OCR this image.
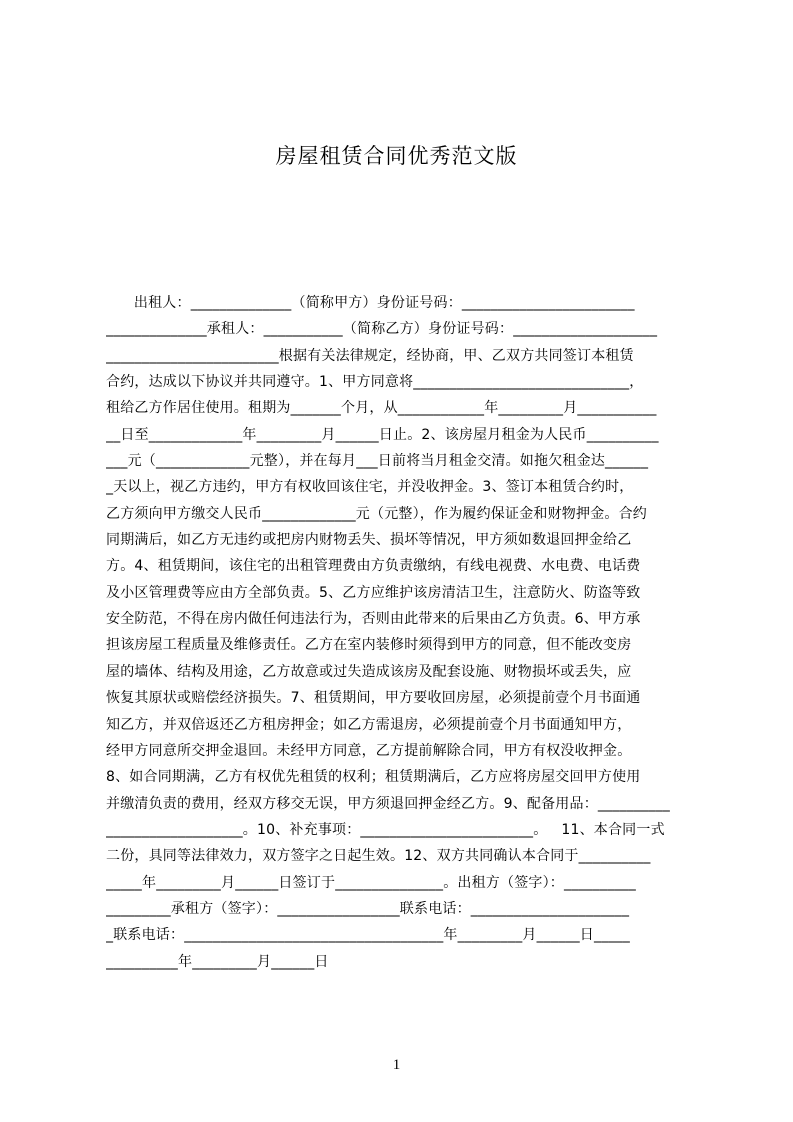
房屋租赁合同优秀范文版
出租人：______________（简称甲方）身份证号码：________________________
______________承租人：___________（简称乙方）身份证号码：____________________
________________________根据有关法律规定，经协商，甲、乙双方共同签订本租赁
合约，达成以下协议并共同遵守。1、甲方同意将______________________________，
租给乙方作居住使用。租期为_______个月，从____________年_________月___________
__日至_____________年_________月______日止。2、该房屋月租金为人民币__________
___元（_____________元整），并在每月___日前将当月租金交清。如拖欠租金达______
_天以上，视乙方违约，甲方有权收回该住宅，并没收押金。3、签订本租赁合约时，
乙方须向甲方缴交人民币_____________元（元整），作为履约保证金和财物押金。合约
同期满后，如乙方无违约或把房内财物丢失、损坏等情况，甲方须如数退回押金给乙
方。4、租赁期间，该住宅的出租管理费由方负责缴纳，有线电视费、水电费、电话费
及小区管理费等应由方全部负责。5、乙方应维护该房清洁卫生，注意防火、防盗等致
安全防范，不得在房内做任何违法行为，否则由此带来的后果由乙方负责。6、甲方承
担该房屋工程质量及维修责任。乙方在室内装修时须得到甲方的同意，但不能改变房
屋的墙体、结构及用途，乙方故意或过失造成该房及配套设施、财物损坏或丢失，应
恢复其原状或赔偿经济损失。7、租赁期间，甲方要收回房屋，必须提前壹个月书面通
知乙方，并双倍返还乙方租房押金；如乙方需退房，必须提前壹个月书面通知甲方，
经甲方同意所交押金退回。未经甲方同意，乙方提前解除合同，甲方有权没收押金。
8、如合同期满，乙方有权优先租赁的权利；租赁期满后，乙方应将房屋交回甲方使用
并缴清负责的费用，经双方移交无误，甲方须退回押金经乙方。9、配备用品：__________
___________________。10、补充事项：________________________。   11、本合同一式
二份，具同等法律效力，双方签字之日起生效。12、双方共同确认本合同于__________
_____年_________月______日签订于_______________。出租方（签字）：__________
_________承租方（签字）：_________________联系电话：______________________
_联系电话：____________________________________年_________月______日_____
__________年_________月______日
1
